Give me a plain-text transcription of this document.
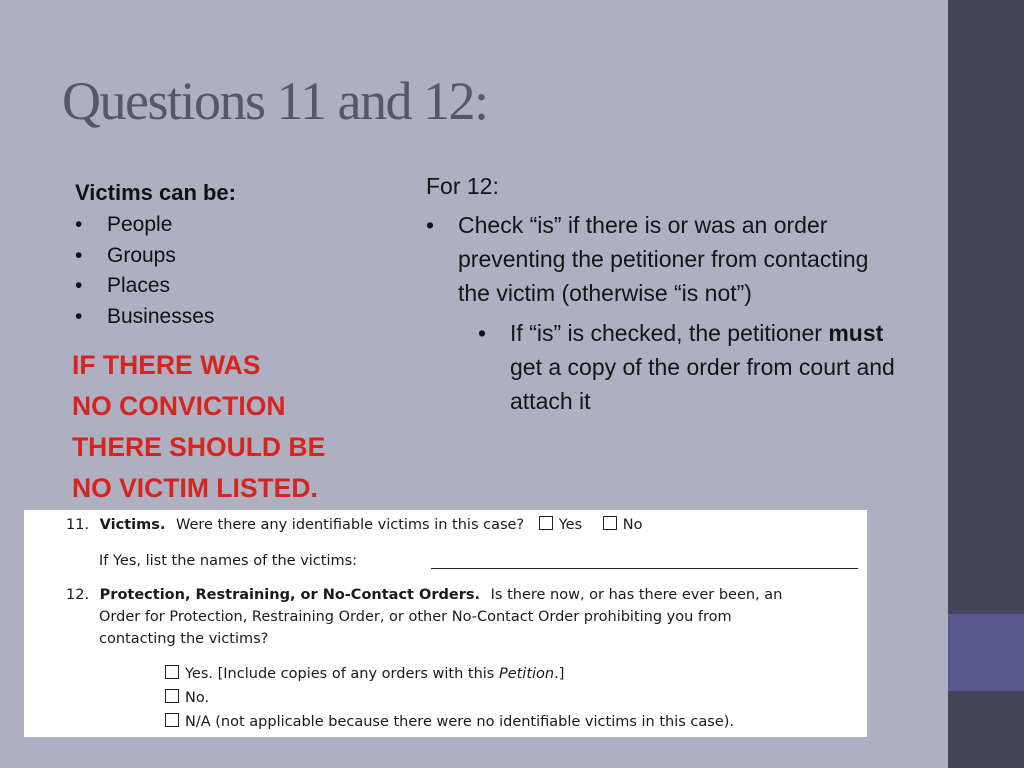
Questions 11 and 12:
Victims can be:
• People
• Groups
• Places
• Businesses
IF THERE WAS
NO CONVICTION
THERE SHOULD BE
NO VICTIM LISTED.
For 12:
• Check “is” if there is or was an order preventing the petitioner from contacting the victim (otherwise “is not”)
• If “is” is checked, the petitioner must get a copy of the order from court and attach it
11. Victims. Were there any identifiable victims in this case? Yes	No
If Yes, list the names of the victims:
12. Protection, Restraining, or No-Contact Orders. Is there now, or has there ever been, an
Order for Protection, Restraining Order, or other No-Contact Order prohibiting you from
contacting the victims?
Yes. [Include copies of any orders with this Petition.]
No.
N/A (not applicable because there were no identifiable victims in this case).
